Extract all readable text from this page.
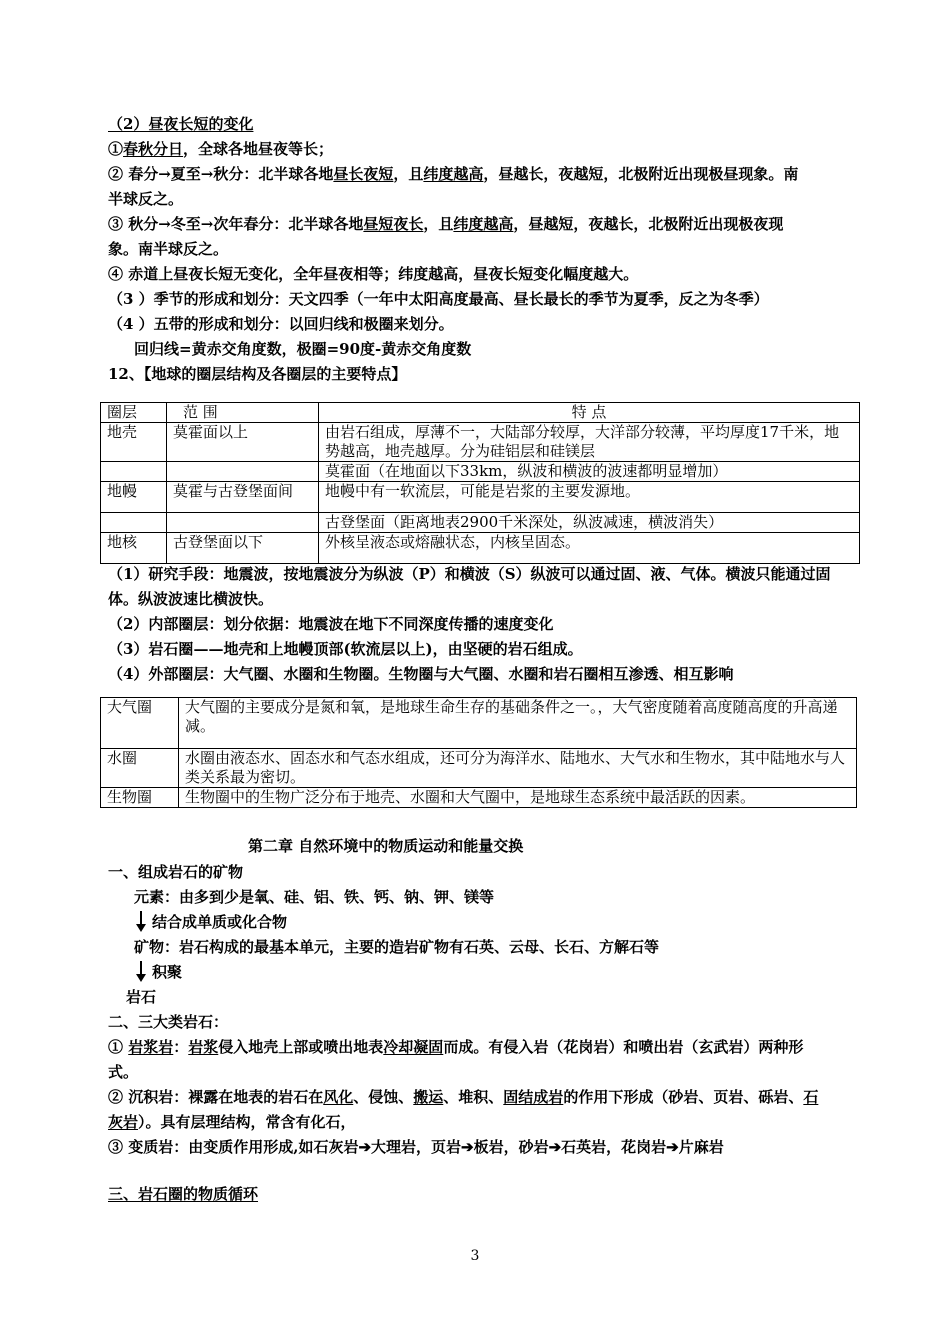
（2）昼夜长短的变化
①春秋分日，全球各地昼夜等长；
② 春分→夏至→秋分：北半球各地昼长夜短，且纬度越高，昼越长，夜越短，北极附近出现极昼现象。南
半球反之。
③ 秋分→冬至→次年春分：北半球各地昼短夜长，且纬度越高，昼越短，夜越长，北极附近出现极夜现
象。南半球反之。
④ 赤道上昼夜长短无变化，全年昼夜相等；纬度越高，昼夜长短变化幅度越大。
（3 ）季节的形成和划分：天文四季（一年中太阳高度最高、昼长最长的季节为夏季，反之为冬季）
（4 ）五带的形成和划分：以回归线和极圈来划分。
回归线=黄赤交角度数，极圈=90度-黄赤交角度数
12、【地球的圈层结构及各圈层的主要特点】
圈层	范 围	特 点
地壳	莫霍面以上	由岩石组成，厚薄不一，大陆部分较厚，大洋部分较薄，平均厚度17千米，地势越高，地壳越厚。分为硅铝层和硅镁层
		莫霍面（在地面以下33km，纵波和横波的波速都明显增加）
地幔	莫霍与古登堡面间	地幔中有一软流层，可能是岩浆的主要发源地。
		古登堡面（距离地表2900千米深处，纵波减速，横波消失）
地核	古登堡面以下	外核呈液态或熔融状态，内核呈固态。
（1）研究手段：地震波，按地震波分为纵波（P）和横波（S）纵波可以通过固、液、气体。横波只能通过固
体。纵波波速比横波快。
（2）内部圈层：划分依据：地震波在地下不同深度传播的速度变化
（3）岩石圈——地壳和上地幔顶部(软流层以上)，由坚硬的岩石组成。
（4）外部圈层：大气圈、水圈和生物圈。生物圈与大气圈、水圈和岩石圈相互渗透、相互影响
大气圈	大气圈的主要成分是氮和氧，是地球生命生存的基础条件之一。，大气密度随着高度随高度的升高递减。
水圈	水圈由液态水、固态水和气态水组成，还可分为海洋水、陆地水、大气水和生物水，其中陆地水与人类关系最为密切。
生物圈	生物圈中的生物广泛分布于地壳、水圈和大气圈中，是地球生态系统中最活跃的因素。
第二章 自然环境中的物质运动和能量交换
一、组成岩石的矿物
元素：由多到少是氧、硅、铝、铁、钙、钠、钾、镁等
结合成单质或化合物
矿物：岩石构成的最基本单元，主要的造岩矿物有石英、云母、长石、方解石等
积聚
岩石
二、三大类岩石：
① 岩浆岩：岩浆侵入地壳上部或喷出地表冷却凝固而成。有侵入岩（花岗岩）和喷出岩（玄武岩）两种形
式。
② 沉积岩：裸露在地表的岩石在风化、侵蚀、搬运、堆积、固结成岩的作用下形成（砂岩、页岩、砾岩、石
灰岩）。具有层理结构，常含有化石，
③ 变质岩：由变质作用形成,如石灰岩➔大理岩，页岩➔板岩，砂岩➔石英岩，花岗岩➔片麻岩
三、岩石圈的物质循环
3
